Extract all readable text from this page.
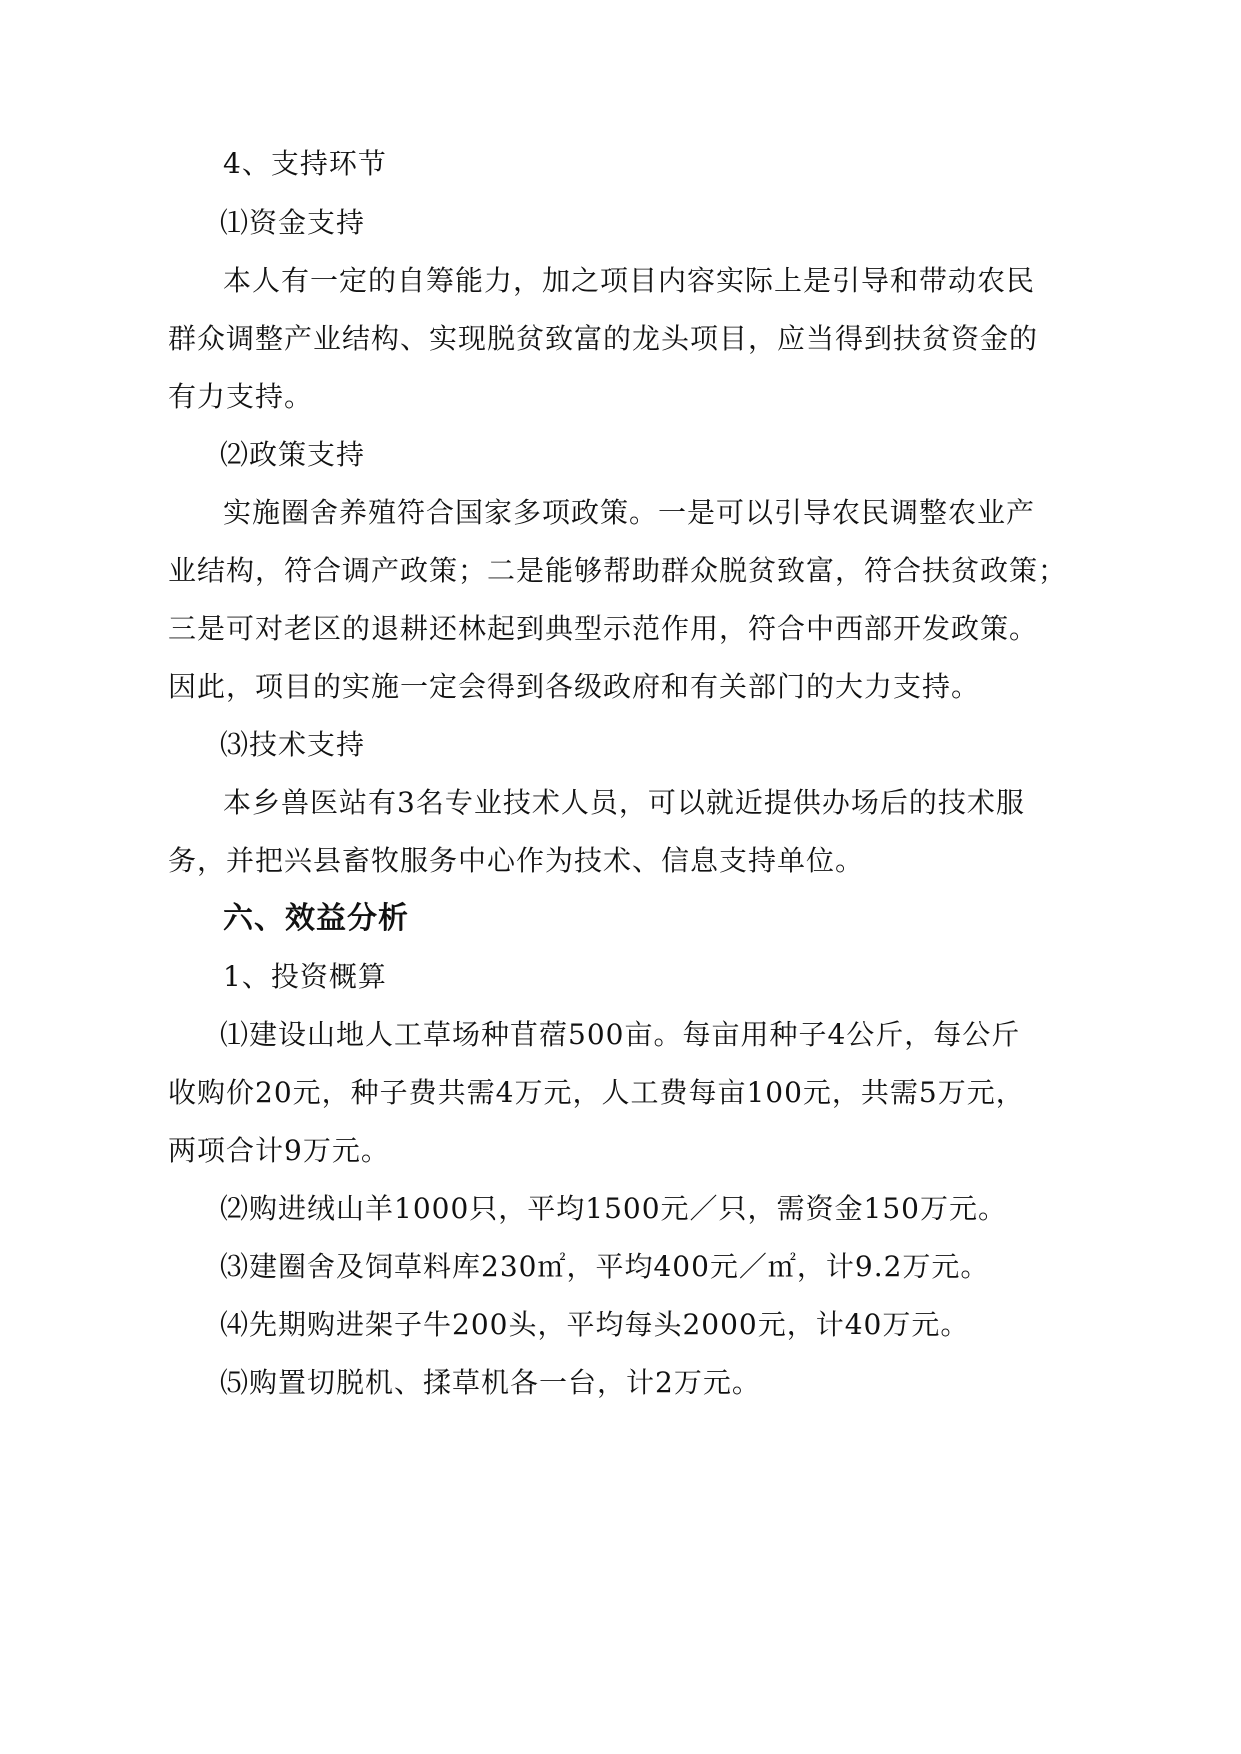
4、支持环节
⑴资金支持
本人有一定的自筹能力，加之项目内容实际上是引导和带动农民
群众调整产业结构、实现脱贫致富的龙头项目，应当得到扶贫资金的
有力支持。
⑵政策支持
实施圈舍养殖符合国家多项政策。一是可以引导农民调整农业产
业结构，符合调产政策；二是能够帮助群众脱贫致富，符合扶贫政策；
三是可对老区的退耕还林起到典型示范作用，符合中西部开发政策。
因此，项目的实施一定会得到各级政府和有关部门的大力支持。
⑶技术支持
本乡兽医站有3名专业技术人员，可以就近提供办场后的技术服
务，并把兴县畜牧服务中心作为技术、信息支持单位。
六、效益分析
1、投资概算
⑴建设山地人工草场种苜蓿500亩。每亩用种子4公斤，每公斤
收购价20元，种子费共需4万元，人工费每亩100元，共需5万元，
两项合计9万元。
⑵购进绒山羊1000只，平均1500元／只，需资金150万元。
⑶建圈舍及饲草料库230㎡，平均400元／㎡，计9.2万元。
⑷先期购进架子牛200头，平均每头2000元，计40万元。
⑸购置切脱机、揉草机各一台，计2万元。
